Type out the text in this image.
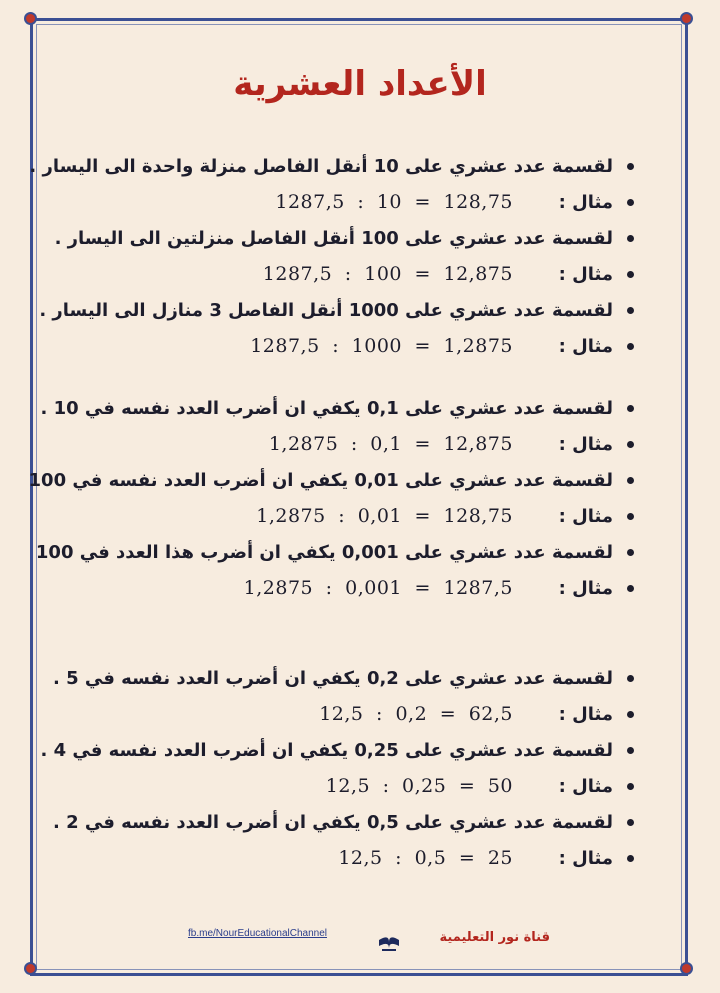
الأعداد العشرية
لقسمة عدد عشري على 10 أنقل الفاصل منزلة واحدة الى اليسار .
مثال :
1287,5 : 10 = 128,75
لقسمة عدد عشري على 100 أنقل الفاصل منزلتين الى اليسار .
مثال :
1287,5 : 100 = 12,875
لقسمة عدد عشري على 1000 أنقل الفاصل 3 منازل الى اليسار .
مثال :
1287,5 : 1000 = 1,2875
لقسمة عدد عشري على 0,1 يكفي ان أضرب العدد نفسه في 10 .
مثال :
1,2875 : 0,1 = 12,875
لقسمة عدد عشري على 0,01 يكفي ان أضرب العدد نفسه في 100
مثال :
1,2875 : 0,01 = 128,75
لقسمة عدد عشري على 0,001 يكفي ان أضرب هذا العدد في 100
مثال :
1,2875 : 0,001 = 1287,5
لقسمة عدد عشري على 0,2 يكفي ان أضرب العدد نفسه في 5 .
مثال :
12,5 : 0,2 = 62,5
لقسمة عدد عشري على 0,25 يكفي ان أضرب العدد نفسه في 4 .
مثال :
12,5 : 0,25 = 50
لقسمة عدد عشري على 0,5 يكفي ان أضرب العدد نفسه في 2 .
مثال :
12,5 : 0,5 = 25
fb.me/NourEducationalChannel	قناة نور التعليمية
